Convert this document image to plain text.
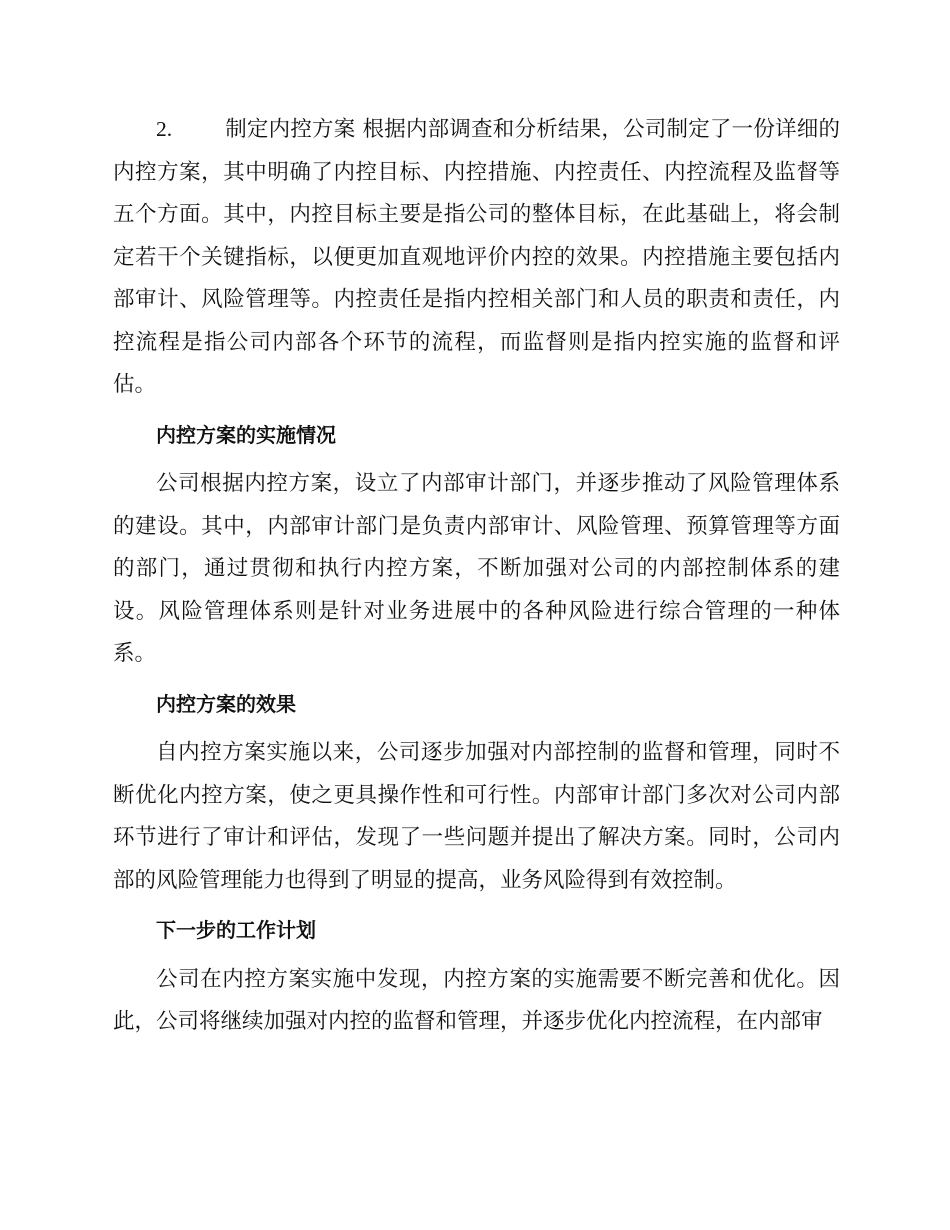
2. 制定内控方案 根据内部调查和分析结果，公司制定了一份详细的内控方案，其中明确了内控目标、内控措施、内控责任、内控流程及监督等五个方面。其中，内控目标主要是指公司的整体目标，在此基础上，将会制定若干个关键指标，以便更加直观地评价内控的效果。内控措施主要包括内部审计、风险管理等。内控责任是指内控相关部门和人员的职责和责任，内控流程是指公司内部各个环节的流程，而监督则是指内控实施的监督和评估。

内控方案的实施情况

公司根据内控方案，设立了内部审计部门，并逐步推动了风险管理体系的建设。其中，内部审计部门是负责内部审计、风险管理、预算管理等方面的部门，通过贯彻和执行内控方案，不断加强对公司的内部控制体系的建设。风险管理体系则是针对业务进展中的各种风险进行综合管理的一种体系。

内控方案的效果

自内控方案实施以来，公司逐步加强对内部控制的监督和管理，同时不断优化内控方案，使之更具操作性和可行性。内部审计部门多次对公司内部环节进行了审计和评估，发现了一些问题并提出了解决方案。同时，公司内部的风险管理能力也得到了明显的提高，业务风险得到有效控制。

下一步的工作计划

公司在内控方案实施中发现，内控方案的实施需要不断完善和优化。因此，公司将继续加强对内控的监督和管理，并逐步优化内控流程，在内部审
